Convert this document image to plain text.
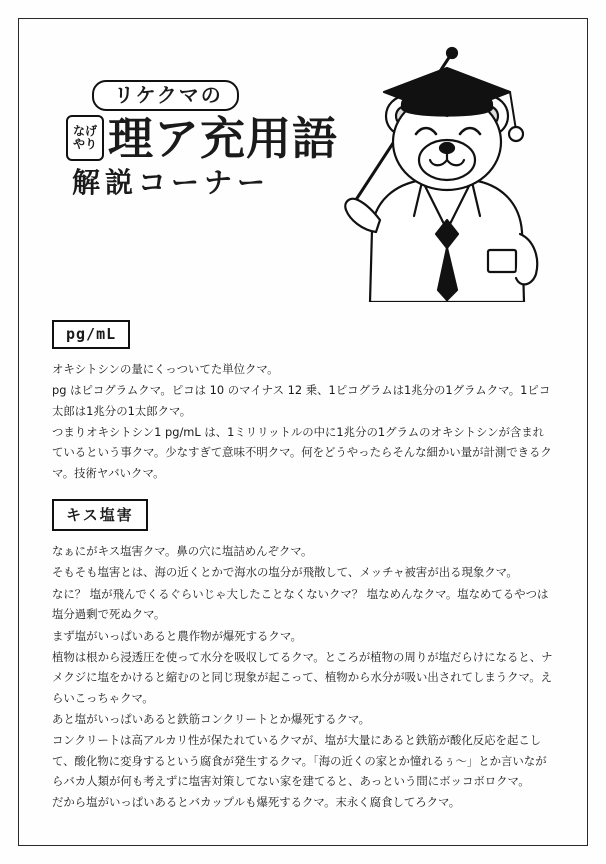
リケクマの
なげ
やり 理ア充用語
解説コーナー
pg/mL

オキシトシンの量にくっついてた単位クマ。

pg はピコグラムクマ。ピコは 10 のマイナス 12 乗、1ピコグラムは1兆分の1グラムクマ。1ピコ太郎は1兆分の1太郎クマ。

つまりオキシトシン1 pg/mL は、1ミリリットルの中に1兆分の1グラムのオキシトシンが含まれているという事クマ。少なすぎて意味不明クマ。何をどうやったらそんな細かい量が計測できるクマ。技術ヤバいクマ。

キス塩害

なぁにがキス塩害クマ。鼻の穴に塩詰めんぞクマ。

そもそも塩害とは、海の近くとかで海水の塩分が飛散して、メッチャ被害が出る現象クマ。

なに？ 塩が飛んでくるぐらいじゃ大したことなくないクマ？ 塩なめんなクマ。塩なめてるやつは塩分過剰で死ぬクマ。

まず塩がいっぱいあると農作物が爆死するクマ。

植物は根から浸透圧を使って水分を吸収してるクマ。ところが植物の周りが塩だらけになると、ナメクジに塩をかけると縮むのと同じ現象が起こって、植物から水分が吸い出されてしまうクマ。えらいこっちゃクマ。

あと塩がいっぱいあると鉄筋コンクリートとか爆死するクマ。

コンクリートは高アルカリ性が保たれているクマが、塩が大量にあると鉄筋が酸化反応を起こして、酸化物に変身するという腐食が発生するクマ。「海の近くの家とか憧れるぅ〜」とか言いながらバカ人類が何も考えずに塩害対策してない家を建てると、あっという間にボッコボロクマ。

だから塩がいっぱいあるとバカップルも爆死するクマ。末永く腐食してろクマ。
